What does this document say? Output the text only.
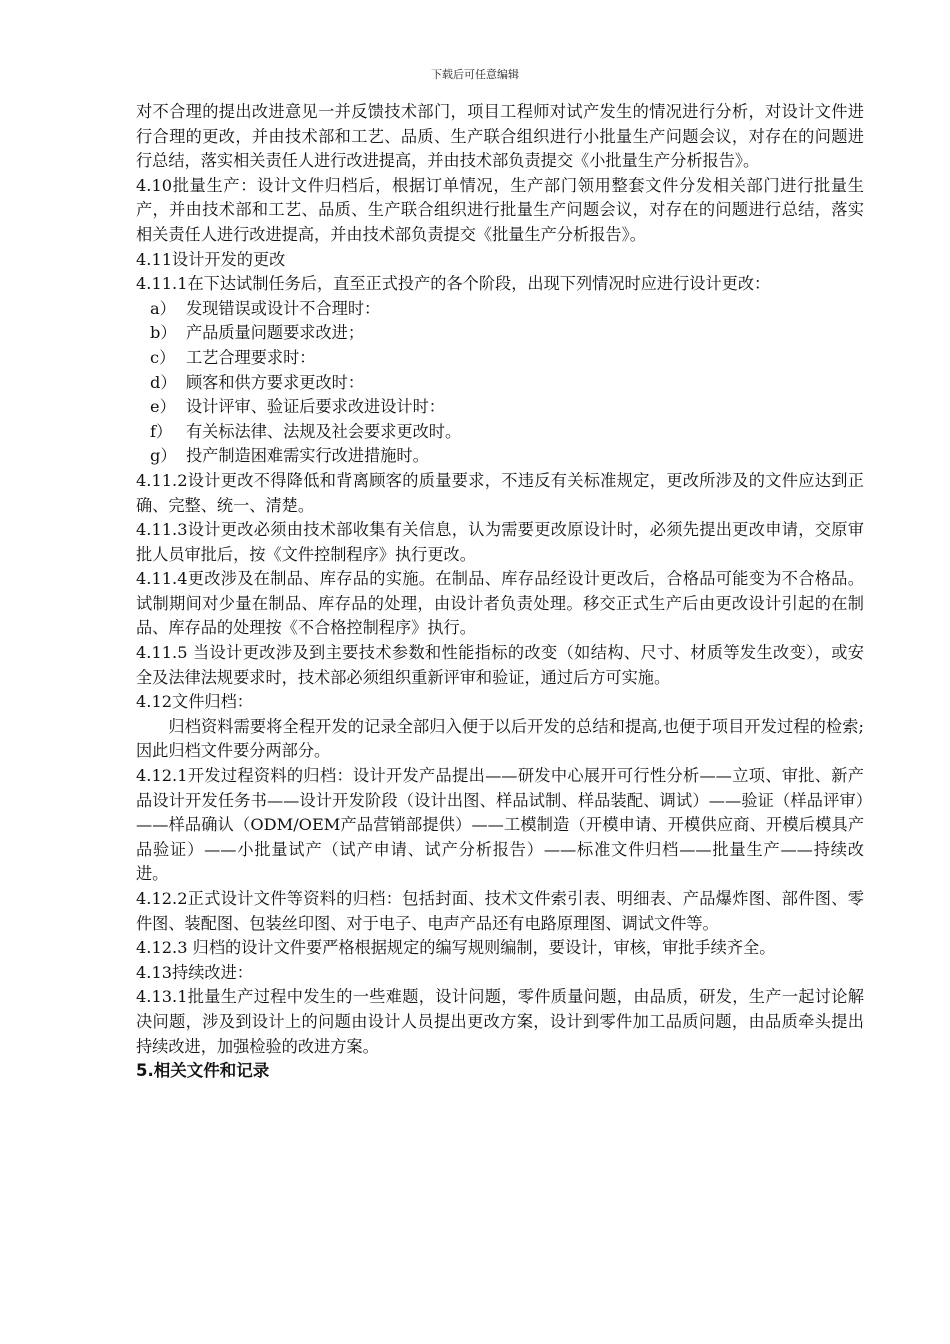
下载后可任意编辑

对不合理的提出改进意见一并反馈技术部门，项目工程师对试产发生的情况进行分析，对设计文件进行合理的更改，并由技术部和工艺、品质、生产联合组织进行小批量生产问题会议，对存在的问题进行总结，落实相关责任人进行改进提高，并由技术部负责提交《小批量生产分析报告》。

4.10批量生产：设计文件归档后，根据订单情况，生产部门领用整套文件分发相关部门进行批量生产，并由技术部和工艺、品质、生产联合组织进行批量生产问题会议，对存在的问题进行总结，落实相关责任人进行改进提高，并由技术部负责提交《批量生产分析报告》。

4.11设计开发的更改

4.11.1在下达试制任务后，直至正式投产的各个阶段，出现下列情况时应进行设计更改：

a） 发现错误或设计不合理时：
b） 产品质量问题要求改进；
c） 工艺合理要求时：
d） 顾客和供方要求更改时：
e） 设计评审、验证后要求改进设计时：
f） 有关标法律、法规及社会要求更改时。
g） 投产制造困难需实行改进措施时。

4.11.2设计更改不得降低和背离顾客的质量要求，不违反有关标准规定，更改所涉及的文件应达到正确、完整、统一、清楚。

4.11.3设计更改必须由技术部收集有关信息，认为需要更改原设计时，必须先提出更改申请，交原审批人员审批后，按《文件控制程序》执行更改。

4.11.4更改涉及在制品、库存品的实施。在制品、库存品经设计更改后，合格品可能变为不合格品。试制期间对少量在制品、库存品的处理，由设计者负责处理。移交正式生产后由更改设计引起的在制品、库存品的处理按《不合格控制程序》执行。

4.11.5 当设计更改涉及到主要技术参数和性能指标的改变（如结构、尺寸、材质等发生改变），或安全及法律法规要求时，技术部必须组织重新评审和验证，通过后方可实施。

4.12文件归档：

归档资料需要将全程开发的记录全部归入便于以后开发的总结和提高,也便于项目开发过程的检索;因此归档文件要分两部分。

4.12.1开发过程资料的归档：设计开发产品提出——研发中心展开可行性分析——立项、审批、新产品设计开发任务书——设计开发阶段（设计出图、样品试制、样品装配、调试）——验证（样品评审）——样品确认（ODM/OEM产品营销部提供）——工模制造（开模申请、开模供应商、开模后模具产品验证）——小批量试产（试产申请、试产分析报告）——标准文件归档——批量生产——持续改进。

4.12.2正式设计文件等资料的归档：包括封面、技术文件索引表、明细表、产品爆炸图、部件图、零件图、装配图、包装丝印图、对于电子、电声产品还有电路原理图、调试文件等。

4.12.3 归档的设计文件要严格根据规定的编写规则编制，要设计，审核，审批手续齐全。

4.13持续改进：

4.13.1批量生产过程中发生的一些难题，设计问题，零件质量问题，由品质，研发，生产一起讨论解决问题，涉及到设计上的问题由设计人员提出更改方案，设计到零件加工品质问题，由品质牵头提出持续改进，加强检验的改进方案。

5.相关文件和记录
